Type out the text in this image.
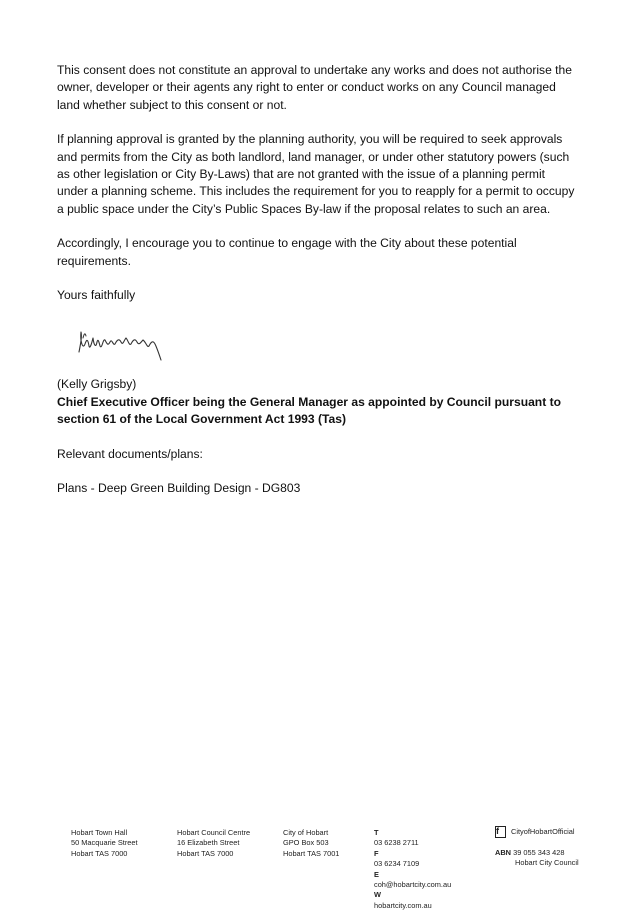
This consent does not constitute an approval to undertake any works and does not authorise the owner, developer or their agents any right to enter or conduct works on any Council managed land whether subject to this consent or not.

If planning approval is granted by the planning authority, you will be required to seek approvals and permits from the City as both landlord, land manager, or under other statutory powers (such as other legislation or City By-Laws) that are not granted with the issue of a planning permit under a planning scheme. This includes the requirement for you to reapply for a permit to occupy a public space under the City’s Public Spaces By-law if the proposal relates to such an area.

Accordingly, I encourage you to continue to engage with the City about these potential requirements.

Yours faithfully

(Kelly Grigsby)

Chief Executive Officer being the General Manager as appointed by Council pursuant to section 61 of the Local Government Act 1993 (Tas)

Relevant documents/plans:

Plans - Deep Green Building Design - DG803

Hobart Town Hall
50 Macquarie Street
Hobart TAS 7000
Hobart Council Centre
16 Elizabeth Street
Hobart TAS 7000
City of Hobart
GPO Box 503
Hobart TAS 7001
T
03 6238 2711
F
03 6234 7109
E
coh@hobartcity.com.au
W
hobartcity.com.au
f	CityofHobartOfficial
ABN 39 055 343 428
Hobart City Council
